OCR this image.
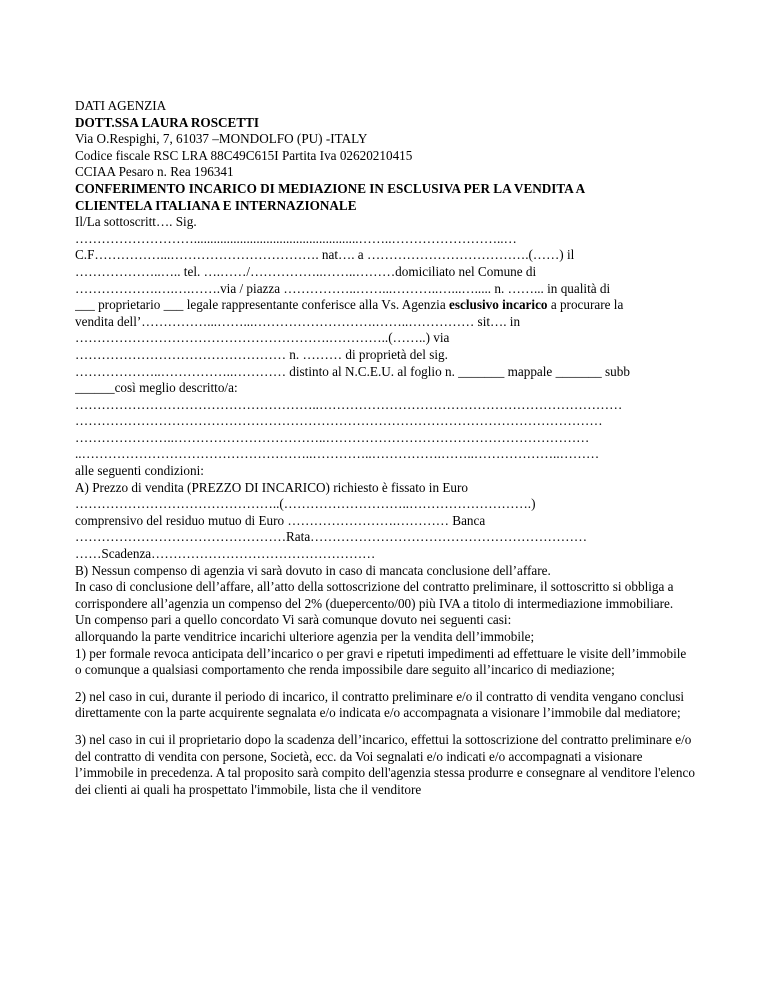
DATI AGENZIA
DOTT.SSA LAURA ROSCETTI
Via O.Respighi, 7, 61037 –MONDOLFO (PU) -ITALY
Codice fiscale RSC LRA 88C49C615I Partita Iva 02620210415
CCIAA Pesaro n. Rea 196341
CONFERIMENTO INCARICO DI MEDIAZIONE IN ESCLUSIVA PER LA VENDITA A
CLIENTELA ITALIANA E INTERNAZIONALE
Il/La sottoscritt…. Sig.
………………………..................................................……..……………………..…
C.F……………...……………………………. nat…. a ……………………………….(……) il
………………..….. tel. ….……/……………..……..………domiciliato nel Comune di
……………….….….…….via / piazza ……………..……...………..…...…..... n. ……... in qualità di
___ proprietario ___ legale rappresentante conferisce alla Vs. Agenzia esclusivo incarico a procurare la
vendita dell’……………...……...……………………….……..…………… sit…. in
………………………………………………….…………..(……..) via
………………………………………… n. ……… di proprietà del sig.
………………..……………..………… distinto al N.C.E.U. al foglio n. _______ mappale _______ subb
______così meglio descritto/a:
………………………………………………..……………………………………………………………
…………………………………………………………………………………………………………
…………………..……………………………..……………………………………………………
..……………………………………………..…………..…………….……..………………..………
alle seguenti condizioni:
A) Prezzo di vendita (PREZZO DI INCARICO) richiesto è fissato in Euro
………………………………………..(………………………..……………………….)
comprensivo del residuo mutuo di Euro …………………….………… Banca
…………………………………………Rata………………………………………………………
……Scadenza……………………………………………
B) Nessun compenso di agenzia vi sarà dovuto in caso di mancata conclusione dell’affare.
In caso di conclusione dell’affare, all’atto della sottoscrizione del contratto preliminare, il sottoscritto si obbliga a corrispondere all’agenzia un compenso del 2% (duepercento/00) più IVA a titolo di intermediazione immobiliare.
Un compenso pari a quello concordato Vi sarà comunque dovuto nei seguenti casi:
allorquando la parte venditrice incarichi ulteriore agenzia per la vendita dell’immobile;
1) per formale revoca anticipata dell’incarico o per gravi e ripetuti impedimenti ad effettuare le visite dell’immobile o comunque a qualsiasi comportamento che renda impossibile dare seguito all’incarico di mediazione;
2) nel caso in cui, durante il periodo di incarico, il contratto preliminare e/o il contratto di vendita vengano conclusi direttamente con la parte acquirente segnalata e/o indicata e/o accompagnata a visionare l’immobile dal mediatore;
3) nel caso in cui il proprietario dopo la scadenza dell’incarico, effettui la sottoscrizione del contratto preliminare e/o del contratto di vendita con persone, Società, ecc. da Voi segnalati e/o indicati e/o accompagnati a visionare l’immobile in precedenza. A tal proposito sarà compito dell'agenzia stessa produrre e consegnare al venditore l'elenco dei clienti ai quali ha prospettato l'immobile, lista che il venditore
